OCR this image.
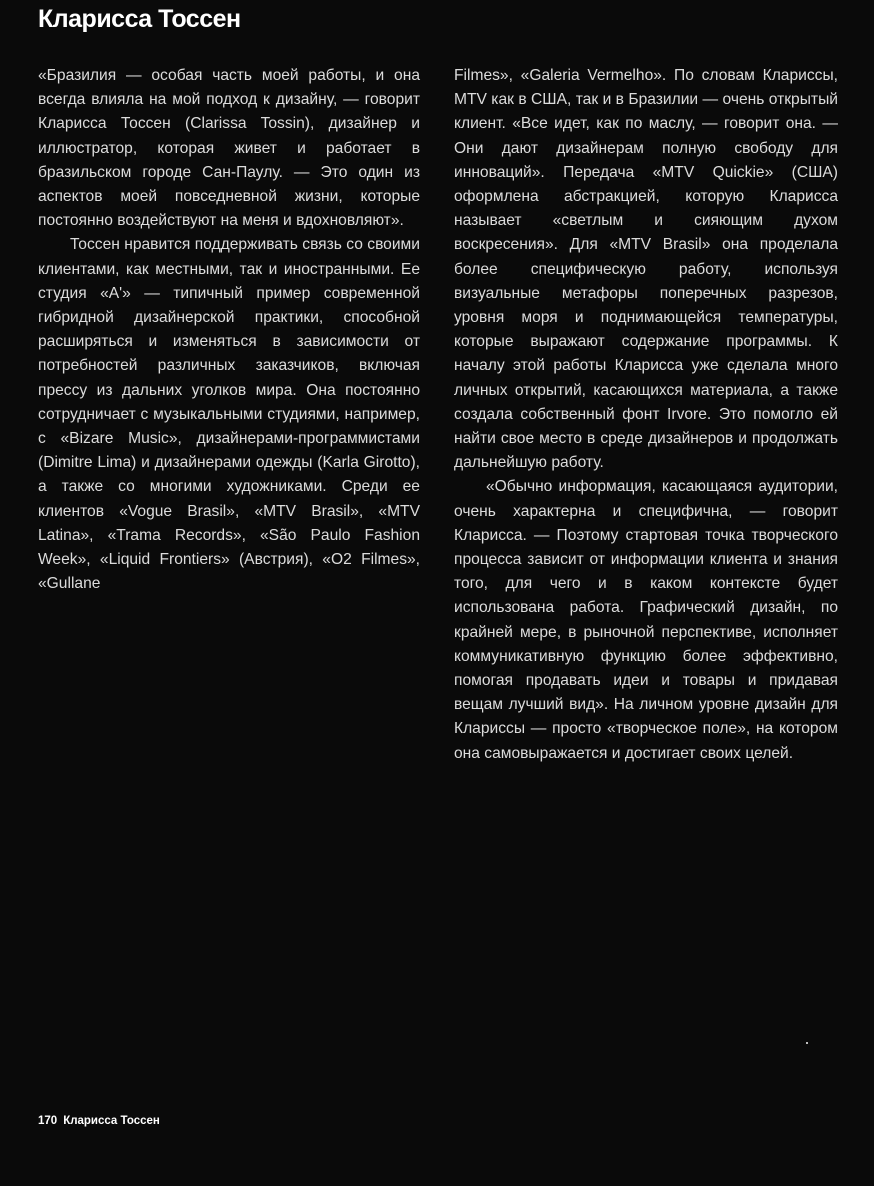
Кларисса Тоссен

«Бразилия — особая часть моей работы, и она всегда влияла на мой подход к дизайну, — говорит Кларисса Тоссен (Clarissa Tossin), дизайнер и иллюстратор, которая живет и работает в бразильском городе Сан-Паулу. — Это один из аспектов моей повседневной жизни, которые постоянно воздействуют на меня и вдохновляют».

Тоссен нравится поддерживать связь со своими клиентами, как местными, так и иностранными. Ее студия «А'» — типичный пример современной гибридной дизайнерской практики, способной расширяться и изменяться в зависимости от потребностей различных заказчиков, включая прессу из дальних уголков мира. Она постоянно сотрудничает с музыкальными студиями, например, с «Bizare Music», дизайнерами-программистами (Dimitre Lima) и дизайнерами одежды (Karla Girotto), а также со многими художниками. Среди ее клиентов «Vogue Brasil», «MTV Brasil», «MTV Latina», «Trama Records», «São Paulo Fashion Week», «Liquid Frontiers» (Австрия), «O2 Filmes», «Gullane

Filmes», «Galeria Vermelho». По словам Клариссы, MTV как в США, так и в Бразилии — очень открытый клиент. «Все идет, как по маслу, — говорит она. — Они дают дизайнерам полную свободу для инноваций». Передача «MTV Quickie» (США) оформлена абстракцией, которую Кларисса называет «светлым и сияющим духом воскресения». Для «MTV Brasil» она проделала более специфическую работу, используя визуальные метафоры поперечных разрезов, уровня моря и поднимающейся температуры, которые выражают содержание программы. К началу этой работы Кларисса уже сделала много личных открытий, касающихся материала, а также создала собственный фонт Irvore. Это помогло ей найти свое место в среде дизайнеров и продолжать дальнейшую работу.

«Обычно информация, касающаяся аудитории, очень характерна и специфична, — говорит Кларисса. — Поэтому стартовая точка творческого процесса зависит от информации клиента и знания того, для чего и в каком контексте будет использована работа. Графический дизайн, по крайней мере, в рыночной перспективе, исполняет коммуникативную функцию более эффективно, помогая продавать идеи и товары и придавая вещам лучший вид». На личном уровне дизайн для Клариссы — просто «творческое поле», на котором она самовыражается и достигает своих целей.

170 Кларисса Тоссен
